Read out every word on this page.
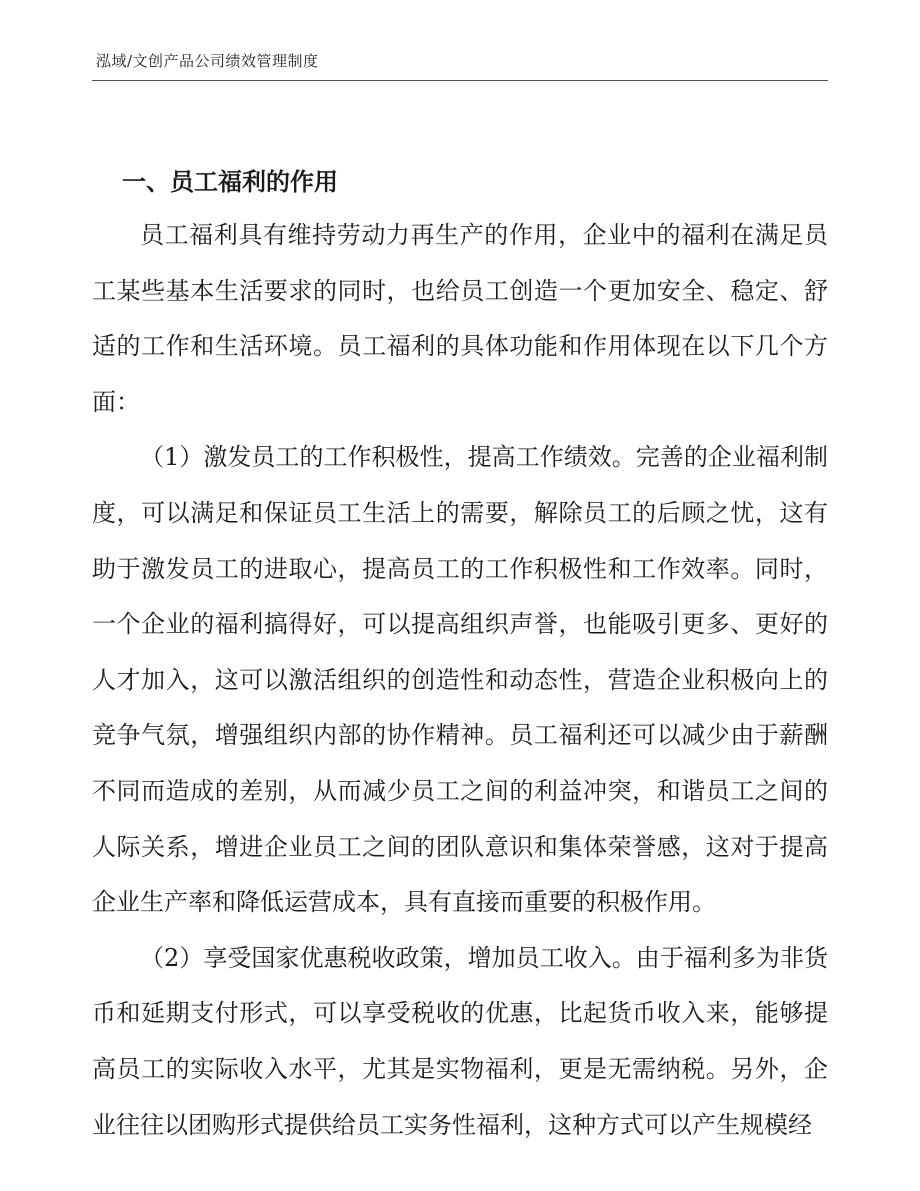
泓域/文创产品公司绩效管理制度
一、员工福利的作用

员工福利具有维持劳动力再生产的作用，企业中的福利在满足员工某些基本生活要求的同时，也给员工创造一个更加安全、稳定、舒适的工作和生活环境。员工福利的具体功能和作用体现在以下几个方面：

（1）激发员工的工作积极性，提高工作绩效。完善的企业福利制度，可以满足和保证员工生活上的需要，解除员工的后顾之忧，这有助于激发员工的进取心，提高员工的工作积极性和工作效率。同时，一个企业的福利搞得好，可以提高组织声誉，也能吸引更多、更好的人才加入，这可以激活组织的创造性和动态性，营造企业积极向上的竞争气氛，增强组织内部的协作精神。员工福利还可以减少由于薪酬不同而造成的差别，从而减少员工之间的利益冲突，和谐员工之间的人际关系，增进企业员工之间的团队意识和集体荣誉感，这对于提高企业生产率和降低运营成本，具有直接而重要的积极作用。

（2）享受国家优惠税收政策，增加员工收入。由于福利多为非货币和延期支付形式，可以享受税收的优惠，比起货币收入来，能够提高员工的实际收入水平，尤其是实物福利，更是无需纳税。另外，企业往往以团购形式提供给员工实务性福利，这种方式可以产生规模经
